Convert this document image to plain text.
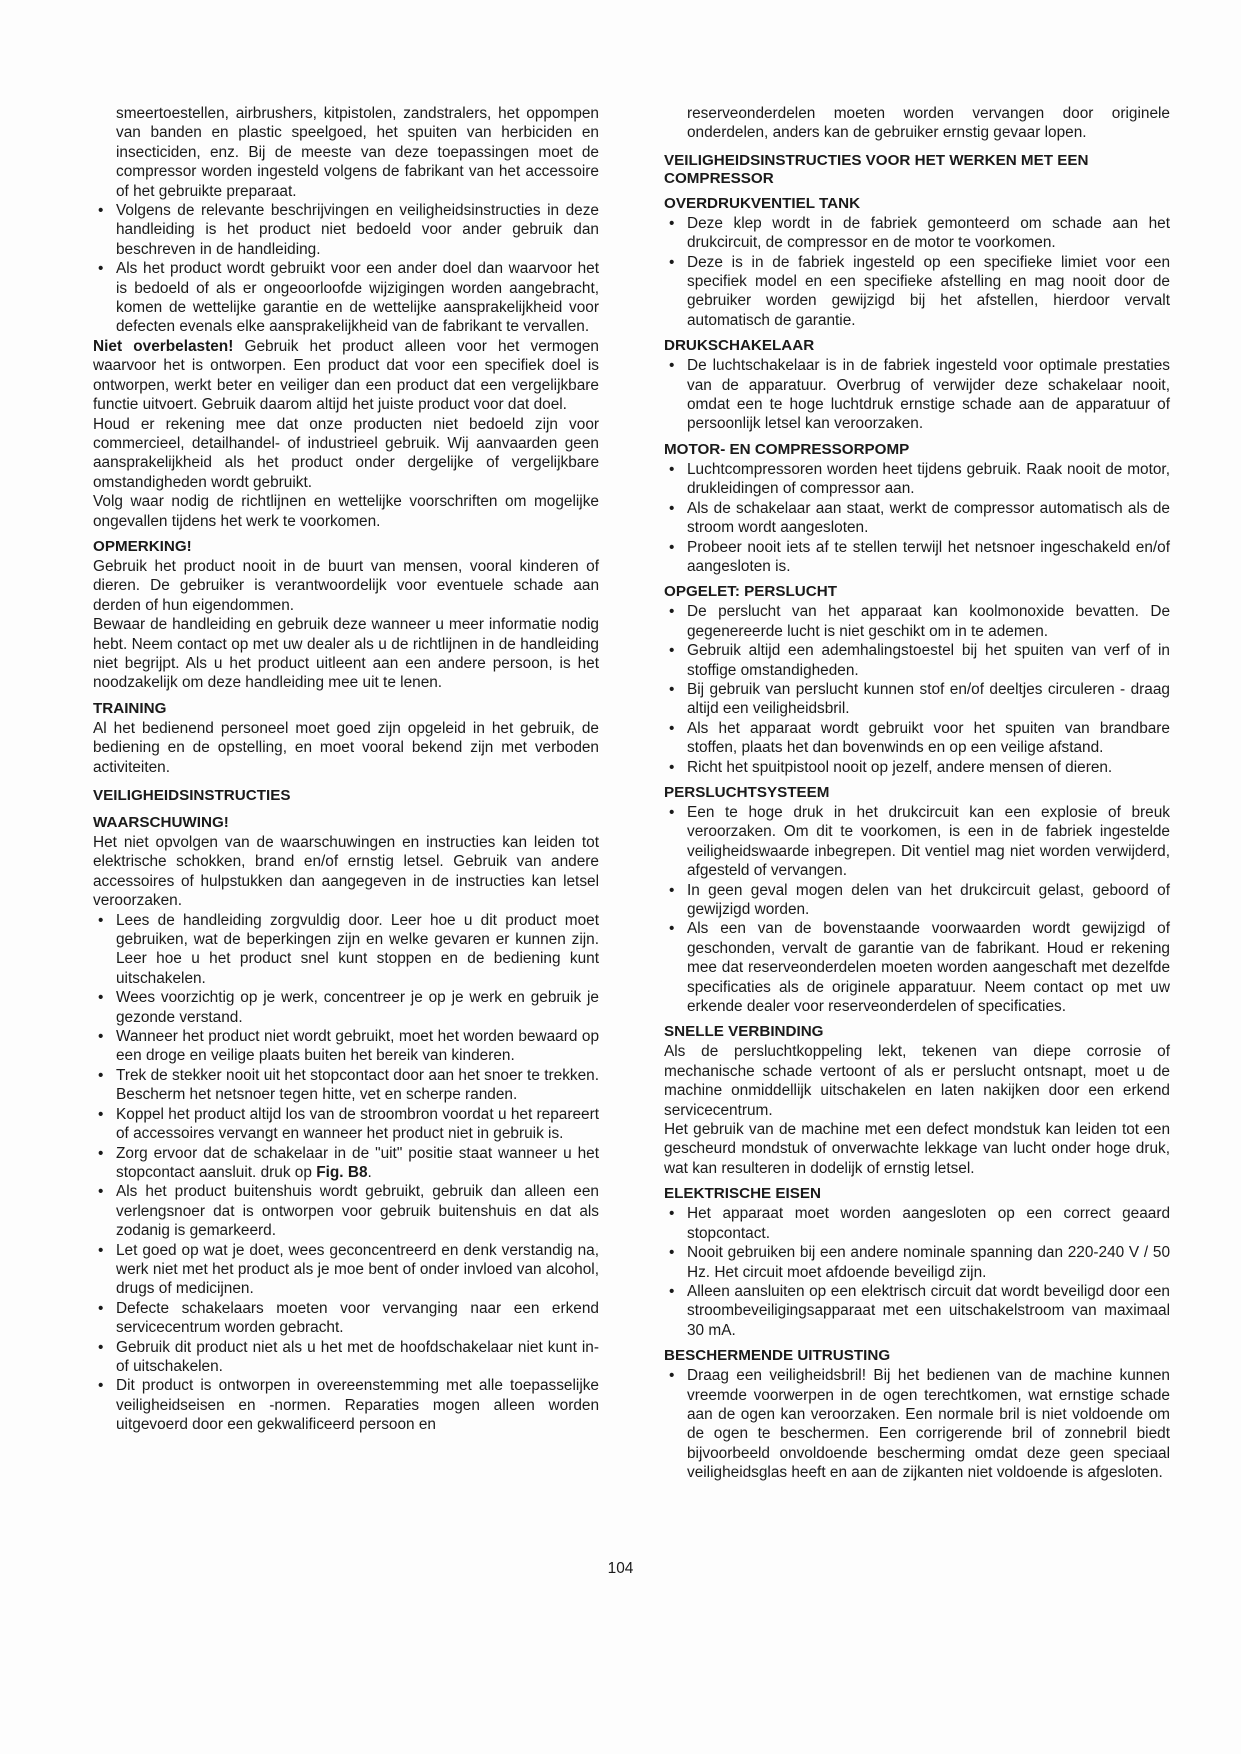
smeertoestellen, airbrushers, kitpistolen, zandstralers, het oppompen van banden en plastic speelgoed, het spuiten van herbiciden en insecticiden, enz. Bij de meeste van deze toepassingen moet de compressor worden ingesteld volgens de fabrikant van het accessoire of het gebruikte preparaat.

• Volgens de relevante beschrijvingen en veiligheidsinstructies in deze handleiding is het product niet bedoeld voor ander gebruik dan beschreven in de handleiding.
• Als het product wordt gebruikt voor een ander doel dan waarvoor het is bedoeld of als er ongeoorloofde wijzigingen worden aangebracht, komen de wettelijke garantie en de wettelijke aansprakelijkheid voor defecten evenals elke aansprakelijkheid van de fabrikant te vervallen.

Niet overbelasten! Gebruik het product alleen voor het vermogen waarvoor het is ontworpen. Een product dat voor een specifiek doel is ontworpen, werkt beter en veiliger dan een product dat een vergelijkbare functie uitvoert. Gebruik daarom altijd het juiste product voor dat doel.

Houd er rekening mee dat onze producten niet bedoeld zijn voor commercieel, detailhandel- of industrieel gebruik. Wij aanvaarden geen aansprakelijkheid als het product onder dergelijke of vergelijkbare omstandigheden wordt gebruikt.

Volg waar nodig de richtlijnen en wettelijke voorschriften om mogelijke ongevallen tijdens het werk te voorkomen.

OPMERKING!

Gebruik het product nooit in de buurt van mensen, vooral kinderen of dieren. De gebruiker is verantwoordelijk voor eventuele schade aan derden of hun eigendommen.

Bewaar de handleiding en gebruik deze wanneer u meer informatie nodig hebt. Neem contact op met uw dealer als u de richtlijnen in de handleiding niet begrijpt. Als u het product uitleent aan een andere persoon, is het noodzakelijk om deze handleiding mee uit te lenen.

TRAINING

Al het bedienend personeel moet goed zijn opgeleid in het gebruik, de bediening en de opstelling, en moet vooral bekend zijn met verboden activiteiten.

VEILIGHEIDSINSTRUCTIES
WAARSCHUWING!

Het niet opvolgen van de waarschuwingen en instructies kan leiden tot elektrische schokken, brand en/of ernstig letsel. Gebruik van andere accessoires of hulpstukken dan aangegeven in de instructies kan letsel veroorzaken.

• Lees de handleiding zorgvuldig door. Leer hoe u dit product moet gebruiken, wat de beperkingen zijn en welke gevaren er kunnen zijn. Leer hoe u het product snel kunt stoppen en de bediening kunt uitschakelen.
• Wees voorzichtig op je werk, concentreer je op je werk en gebruik je gezonde verstand.
• Wanneer het product niet wordt gebruikt, moet het worden bewaard op een droge en veilige plaats buiten het bereik van kinderen.
• Trek de stekker nooit uit het stopcontact door aan het snoer te trekken. Bescherm het netsnoer tegen hitte, vet en scherpe randen.
• Koppel het product altijd los van de stroombron voordat u het repareert of accessoires vervangt en wanneer het product niet in gebruik is.
• Zorg ervoor dat de schakelaar in de "uit" positie staat wanneer u het stopcontact aansluit. druk op Fig. B8.
• Als het product buitenshuis wordt gebruikt, gebruik dan alleen een verlengsnoer dat is ontworpen voor gebruik buitenshuis en dat als zodanig is gemarkeerd.
• Let goed op wat je doet, wees geconcentreerd en denk verstandig na, werk niet met het product als je moe bent of onder invloed van alcohol, drugs of medicijnen.
• Defecte schakelaars moeten voor vervanging naar een erkend servicecentrum worden gebracht.
• Gebruik dit product niet als u het met de hoofdschakelaar niet kunt in- of uitschakelen.
• Dit product is ontworpen in overeenstemming met alle toepasselijke veiligheidseisen en -normen. Reparaties mogen alleen worden uitgevoerd door een gekwalificeerd persoon en

reserveonderdelen moeten worden vervangen door originele onderdelen, anders kan de gebruiker ernstig gevaar lopen.

VEILIGHEIDSINSTRUCTIES VOOR HET WERKEN MET EEN COMPRESSOR
OVERDRUKVENTIEL TANK
• Deze klep wordt in de fabriek gemonteerd om schade aan het drukcircuit, de compressor en de motor te voorkomen.
• Deze is in de fabriek ingesteld op een specifieke limiet voor een specifiek model en een specifieke afstelling en mag nooit door de gebruiker worden gewijzigd bij het afstellen, hierdoor vervalt automatisch de garantie.
DRUKSCHAKELAAR
• De luchtschakelaar is in de fabriek ingesteld voor optimale prestaties van de apparatuur. Overbrug of verwijder deze schakelaar nooit, omdat een te hoge luchtdruk ernstige schade aan de apparatuur of persoonlijk letsel kan veroorzaken.
MOTOR- EN COMPRESSORPOMP
• Luchtcompressoren worden heet tijdens gebruik. Raak nooit de motor, drukleidingen of compressor aan.
• Als de schakelaar aan staat, werkt de compressor automatisch als de stroom wordt aangesloten.
• Probeer nooit iets af te stellen terwijl het netsnoer ingeschakeld en/of aangesloten is.
OPGELET: PERSLUCHT
• De perslucht van het apparaat kan koolmonoxide bevatten. De gegenereerde lucht is niet geschikt om in te ademen.
• Gebruik altijd een ademhalingstoestel bij het spuiten van verf of in stoffige omstandigheden.
• Bij gebruik van perslucht kunnen stof en/of deeltjes circuleren - draag altijd een veiligheidsbril.
• Als het apparaat wordt gebruikt voor het spuiten van brandbare stoffen, plaats het dan bovenwinds en op een veilige afstand.
• Richt het spuitpistool nooit op jezelf, andere mensen of dieren.
PERSLUCHTSYSTEEM
• Een te hoge druk in het drukcircuit kan een explosie of breuk veroorzaken. Om dit te voorkomen, is een in de fabriek ingestelde veiligheidswaarde inbegrepen. Dit ventiel mag niet worden verwijderd, afgesteld of vervangen.
• In geen geval mogen delen van het drukcircuit gelast, geboord of gewijzigd worden.
• Als een van de bovenstaande voorwaarden wordt gewijzigd of geschonden, vervalt de garantie van de fabrikant. Houd er rekening mee dat reserveonderdelen moeten worden aangeschaft met dezelfde specificaties als de originele apparatuur. Neem contact op met uw erkende dealer voor reserveonderdelen of specificaties.
SNELLE VERBINDING

Als de persluchtkoppeling lekt, tekenen van diepe corrosie of mechanische schade vertoont of als er perslucht ontsnapt, moet u de machine onmiddellijk uitschakelen en laten nakijken door een erkend servicecentrum.

Het gebruik van de machine met een defect mondstuk kan leiden tot een gescheurd mondstuk of onverwachte lekkage van lucht onder hoge druk, wat kan resulteren in dodelijk of ernstig letsel.

ELEKTRISCHE EISEN
• Het apparaat moet worden aangesloten op een correct geaard stopcontact.
• Nooit gebruiken bij een andere nominale spanning dan 220-240 V / 50 Hz. Het circuit moet afdoende beveiligd zijn.
• Alleen aansluiten op een elektrisch circuit dat wordt beveiligd door een stroombeveiligingsapparaat met een uitschakelstroom van maximaal 30 mA.
BESCHERMENDE UITRUSTING
• Draag een veiligheidsbril! Bij het bedienen van de machine kunnen vreemde voorwerpen in de ogen terechtkomen, wat ernstige schade aan de ogen kan veroorzaken. Een normale bril is niet voldoende om de ogen te beschermen. Een corrigerende bril of zonnebril biedt bijvoorbeeld onvoldoende bescherming omdat deze geen speciaal veiligheidsglas heeft en aan de zijkanten niet voldoende is afgesloten.
104
